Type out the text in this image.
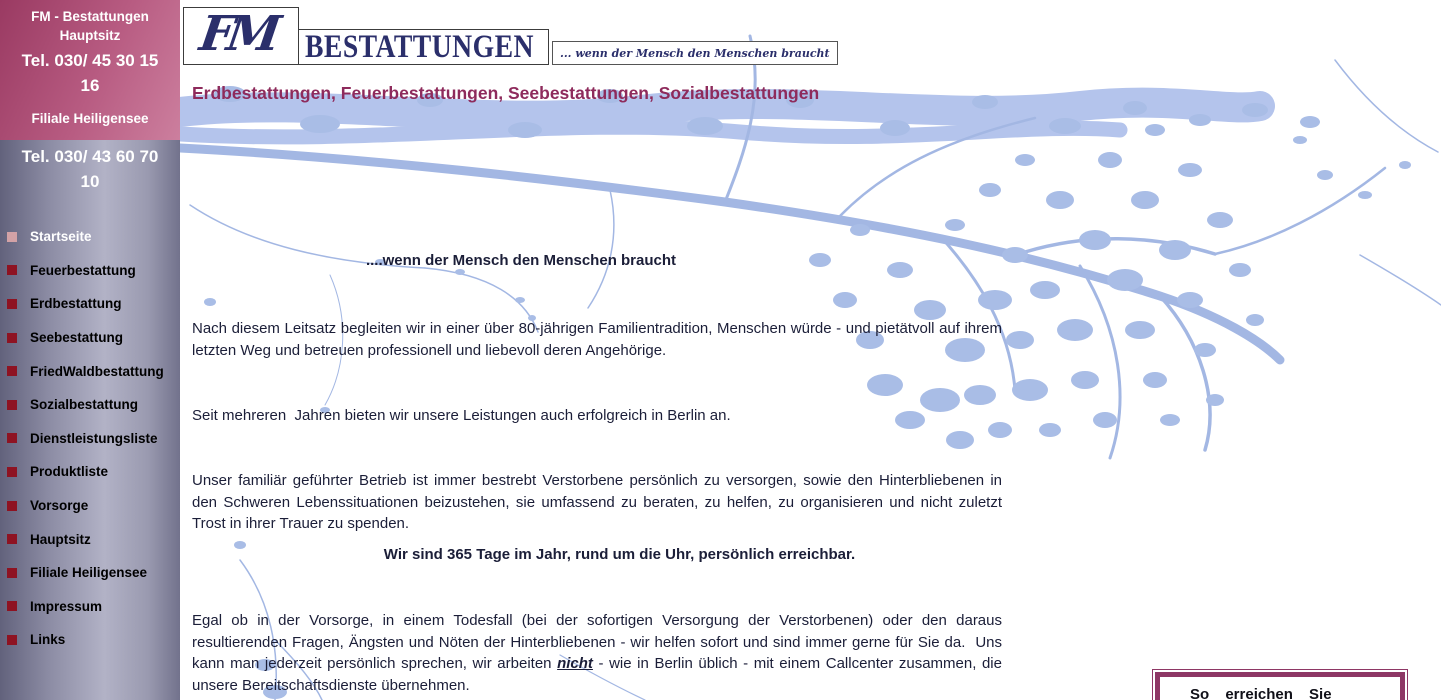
FM - Bestattungen
Hauptsitz
Tel. 030/ 45 30 15 16
Filiale Heiligensee
Tel. 030/ 43 60 70 10
Startseite
Feuerbestattung
Erdbestattung
Seebestattung
FriedWaldbestattung
Sozialbestattung
Dienstleistungsliste
Produktliste
Vorsorge
Hauptsitz
Filiale Heiligensee
Impressum
Links
FM BESTATTUNGEN ... wenn der Mensch den Menschen braucht
Erdbestattungen, Feuerbestattungen, Seebestattungen, Sozialbestattungen
....wenn der Mensch den Menschen braucht

Nach diesem Leitsatz begleiten wir in einer über 80-jährigen Familientradition, Menschen würde - und pietätvoll auf ihrem letzten Weg und betreuen professionell und liebevoll deren Angehörige.

Seit mehreren  Jahren bieten wir unsere Leistungen auch erfolgreich in Berlin an.

Unser familiär geführter Betrieb ist immer bestrebt Verstorbene persönlich zu versorgen, sowie den Hinterbliebenen in den Schweren Lebenssituationen beizustehen, sie umfassend zu beraten, zu helfen, zu organisieren und nicht zuletzt Trost in ihrer Trauer zu spenden.

Wir sind 365 Tage im Jahr, rund um die Uhr, persönlich erreichbar.

Egal ob in der Vorsorge, in einem Todesfall (bei der sofortigen Versorgung der Verstorbenen) oder den daraus resultierenden Fragen, Ängsten und Nöten der Hinterbliebenen - wir helfen sofort und sind immer gerne für Sie da.  Uns kann man jederzeit persönlich sprechen, wir arbeiten nicht - wie in Berlin üblich - mit einem Callcenter zusammen, die unsere Bereitschaftsdienste übernehmen.

So erreichen Sie
